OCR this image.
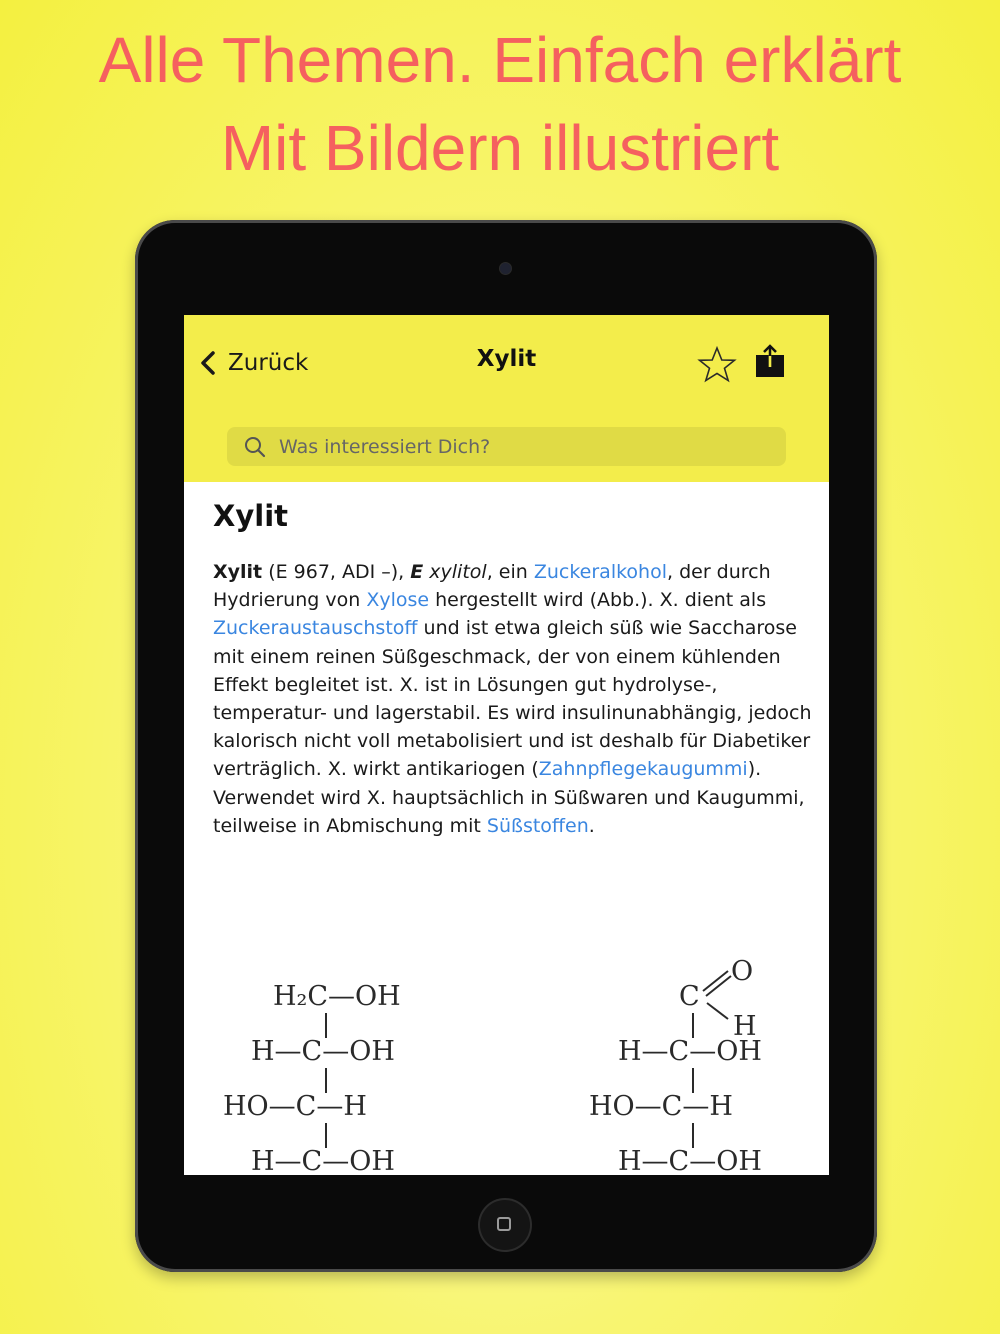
Alle Themen. Einfach erklärt
Mit Bildern illustriert
Zurück	Xylit
Was interessiert Dich?
Xylit

Xylit (E 967, ADI –), E xylitol, ein Zuckeralkohol, der durch Hydrierung von Xylose hergestellt wird (Abb.). X. dient als Zuckeraustauschstoff und ist etwa gleich süß wie Saccharose mit einem reinen Süßgeschmack, der von einem kühlenden Effekt begleitet ist. X. ist in Lösungen gut hydrolyse-, temperatur- und lagerstabil. Es wird insulinunabhängig, jedoch kalorisch nicht voll metabolisiert und ist deshalb für Diabetiker verträglich. X. wirkt antikariogen (Zahnpflegekaugummi). Verwendet wird X. hauptsächlich in Süßwaren und Kaugummi, teilweise in Abmischung mit Süßstoffen.

H₂C—OH
H—C—OH
HO—C—H
H—C—OH
O
C
H
H—C—OH
HO—C—H
H—C—OH
